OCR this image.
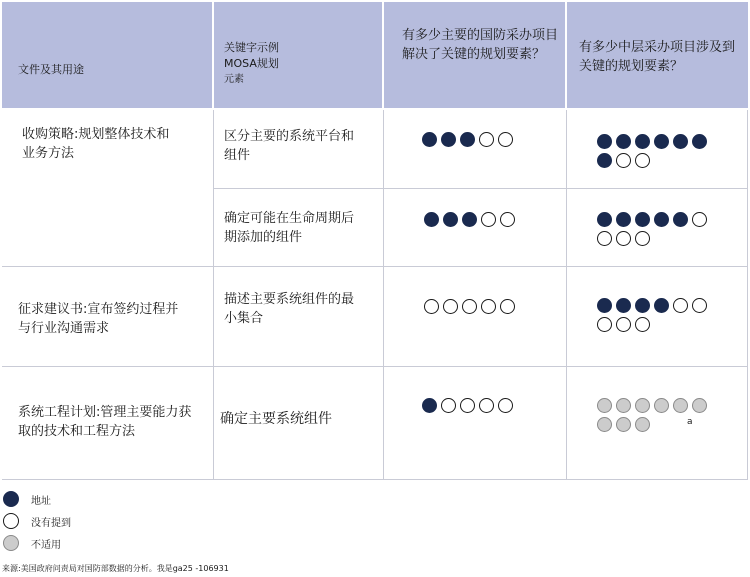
文件及其用途
关键字示例
MOSA规划
元素
有多少主要的国防采办项目解决了关键的规划要素？	有多少中层采办项目涉及到关键的规划要素？
收购策略:规划整体技术和业务方法
区分主要的系统平台和组件
确定可能在生命周期后期添加的组件
征求建议书:宣布签约过程并与行业沟通需求
描述主要系统组件的最小集合
系统工程计划:管理主要能力获取的技术和工程方法
确定主要系统组件	a
地址
没有提到
不适用
来源:美国政府问责局对国防部数据的分析。我是ga25 -106931
